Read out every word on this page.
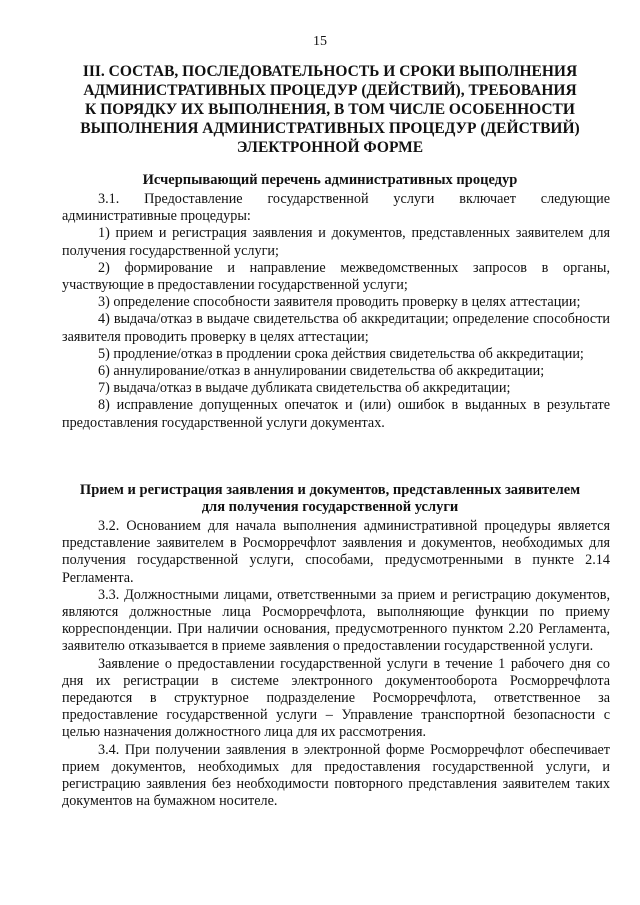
15
III. СОСТАВ, ПОСЛЕДОВАТЕЛЬНОСТЬ И СРОКИ ВЫПОЛНЕНИЯ
АДМИНИСТРАТИВНЫХ ПРОЦЕДУР (ДЕЙСТВИЙ), ТРЕБОВАНИЯ
К ПОРЯДКУ ИХ ВЫПОЛНЕНИЯ, В ТОМ ЧИСЛЕ ОСОБЕННОСТИ
ВЫПОЛНЕНИЯ АДМИНИСТРАТИВНЫХ ПРОЦЕДУР (ДЕЙСТВИЙ)
ЭЛЕКТРОННОЙ ФОРМЕ
Исчерпывающий перечень административных процедур

3.1. Предоставление государственной услуги включает следующие административные процедуры:

1) прием и регистрация заявления и документов, представленных заявителем для получения государственной услуги;

2) формирование и направление межведомственных запросов в органы, участвующие в предоставлении государственной услуги;

3) определение способности заявителя проводить проверку в целях аттестации;

4) выдача/отказ в выдаче свидетельства об аккредитации; определение способности заявителя проводить проверку в целях аттестации;

5) продление/отказ в продлении срока действия свидетельства об аккредитации;

6) аннулирование/отказ в аннулировании свидетельства об аккредитации;

7) выдача/отказ в выдаче дубликата свидетельства об аккредитации;

8) исправление допущенных опечаток и (или) ошибок в выданных в результате предоставления государственной услуги документах.

Прием и регистрация заявления и документов, представленных заявителем
для получения государственной услуги

3.2. Основанием для начала выполнения административной процедуры является представление заявителем в Росморречфлот заявления и документов, необходимых для получения государственной услуги, способами, предусмотренными в пункте 2.14 Регламента.

3.3. Должностными лицами, ответственными за прием и регистрацию документов, являются должностные лица Росморречфлота, выполняющие функции по приему корреспонденции. При наличии основания, предусмотренного пунктом 2.20 Регламента, заявителю отказывается в приеме заявления о предоставлении государственной услуги.

Заявление о предоставлении государственной услуги в течение 1 рабочего дня со дня их регистрации в системе электронного документооборота Росморречфлота передаются в структурное подразделение Росморречфлота, ответственное за предоставление государственной услуги – Управление транспортной безопасности с целью назначения должностного лица для их рассмотрения.

3.4. При получении заявления в электронной форме Росморречфлот обеспечивает прием документов, необходимых для предоставления государственной услуги, и регистрацию заявления без необходимости повторного представления заявителем таких документов на бумажном носителе.
